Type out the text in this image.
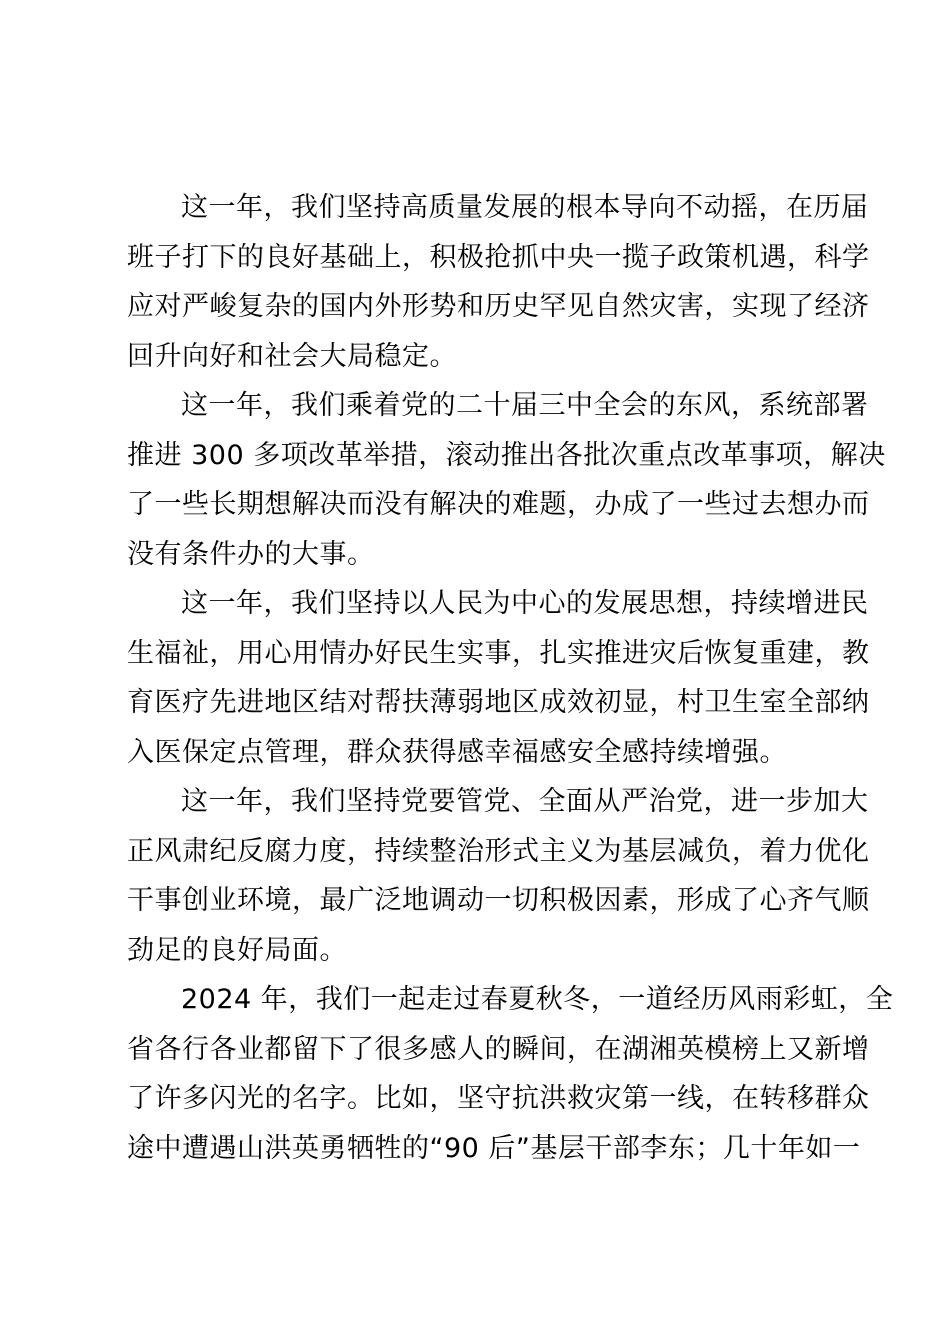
这一年，我们坚持高质量发展的根本导向不动摇，在历届
班子打下的良好基础上，积极抢抓中央一揽子政策机遇，科学
应对严峻复杂的国内外形势和历史罕见自然灾害，实现了经济
回升向好和社会大局稳定。

这一年，我们乘着党的二十届三中全会的东风，系统部署
推进 300 多项改革举措，滚动推出各批次重点改革事项，解决
了一些长期想解决而没有解决的难题，办成了一些过去想办而
没有条件办的大事。

这一年，我们坚持以人民为中心的发展思想，持续增进民
生福祉，用心用情办好民生实事，扎实推进灾后恢复重建，教
育医疗先进地区结对帮扶薄弱地区成效初显，村卫生室全部纳
入医保定点管理，群众获得感幸福感安全感持续增强。

这一年，我们坚持党要管党、全面从严治党，进一步加大
正风肃纪反腐力度，持续整治形式主义为基层减负，着力优化
干事创业环境，最广泛地调动一切积极因素，形成了心齐气顺
劲足的良好局面。

2024 年，我们一起走过春夏秋冬，一道经历风雨彩虹，全
省各行各业都留下了很多感人的瞬间，在湖湘英模榜上又新增
了许多闪光的名字。比如，坚守抗洪救灾第一线，在转移群众
途中遭遇山洪英勇牺牲的“90 后”基层干部李东；几十年如一
